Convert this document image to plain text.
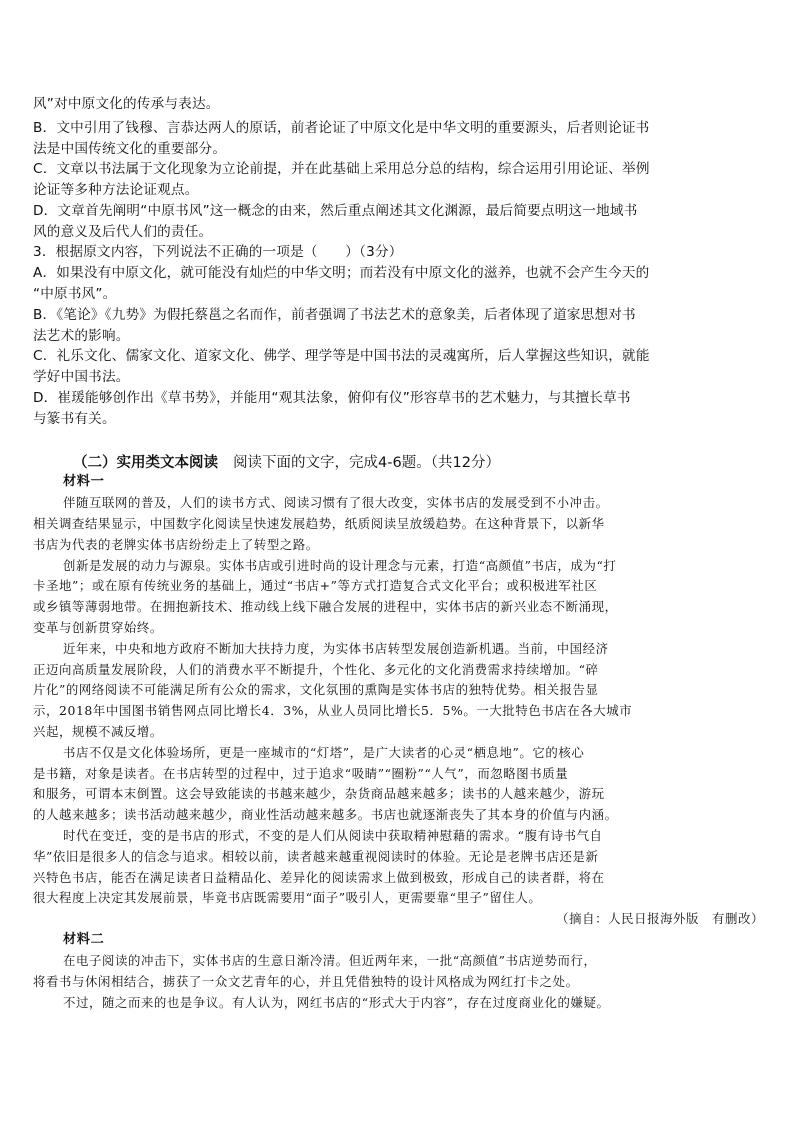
风”对中原文化的传承与表达。
B．文中引用了钱穆、言恭达两人的原话，前者论证了中原文化是中华文明的重要源头，后者则论证书
法是中国传统文化的重要部分。
C．文章以书法属于文化现象为立论前提，并在此基础上采用总分总的结构，综合运用引用论证、举例
论证等多种方法论证观点。
D．文章首先阐明“中原书风”这一概念的由来，然后重点阐述其文化渊源，最后简要点明这一地域书
风的意义及后代人们的责任。
3．根据原文内容，下列说法不正确的一项是（　　）（3分）
A．如果没有中原文化，就可能没有灿烂的中华文明；而若没有中原文化的滋养，也就不会产生今天的
“中原书风”。
B．《笔论》《九势》为假托蔡邕之名而作，前者强调了书法艺术的意象美，后者体现了道家思想对书
法艺术的影响。
C．礼乐文化、儒家文化、道家文化、佛学、理学等是中国书法的灵魂寓所，后人掌握这些知识，就能
学好中国书法。
D．崔瑗能够创作出《草书势》，并能用“观其法象，俯仰有仪”形容草书的艺术魅力，与其擅长草书
与篆书有关。
（二）实用类文本阅读 阅读下面的文字，完成4-6题。（共12分）
材料一
伴随互联网的普及，人们的读书方式、阅读习惯有了很大改变，实体书店的发展受到不小冲击。
相关调查结果显示，中国数字化阅读呈快速发展趋势，纸质阅读呈放缓趋势。在这种背景下，以新华
书店为代表的老牌实体书店纷纷走上了转型之路。
创新是发展的动力与源泉。实体书店或引进时尚的设计理念与元素，打造“高颜值”书店，成为“打
卡圣地”；或在原有传统业务的基础上，通过“书店+”等方式打造复合式文化平台；或积极进军社区
或乡镇等薄弱地带。在拥抱新技术、推动线上线下融合发展的进程中，实体书店的新兴业态不断涌现，
变革与创新贯穿始终。
近年来，中央和地方政府不断加大扶持力度，为实体书店转型发展创造新机遇。当前，中国经济
正迈向高质量发展阶段，人们的消费水平不断提升，个性化、多元化的文化消费需求持续增加。“碎
片化”的网络阅读不可能满足所有公众的需求，文化氛围的熏陶是实体书店的独特优势。相关报告显
示，2018年中国图书销售网点同比增长4．3%，从业人员同比增长5．5%。一大批特色书店在各大城市
兴起，规模不减反增。
书店不仅是文化体验场所，更是一座城市的“灯塔”，是广大读者的心灵“栖息地”。它的核心
是书籍，对象是读者。在书店转型的过程中，过于追求“吸睛”“圈粉”“人气”，而忽略图书质量
和服务，可谓本末倒置。这会导致能读的书越来越少，杂货商品越来越多；读书的人越来越少，游玩
的人越来越多；读书活动越来越少，商业性活动越来越多。书店也就逐渐丧失了其本身的价值与内涵。
时代在变迁，变的是书店的形式，不变的是人们从阅读中获取精神慰藉的需求。“腹有诗书气自
华”依旧是很多人的信念与追求。相较以前，读者越来越重视阅读时的体验。无论是老牌书店还是新
兴特色书店，能否在满足读者日益精品化、差异化的阅读需求上做到极致，形成自己的读者群，将在
很大程度上决定其发展前景，毕竟书店既需要用“面子”吸引人，更需要靠“里子”留住人。
（摘自：人民日报海外版　有删改）
材料二
在电子阅读的冲击下，实体书店的生意日渐冷清。但近两年来，一批“高颜值”书店逆势而行，
将看书与休闲相结合，掳获了一众文艺青年的心，并且凭借独特的设计风格成为网红打卡之处。
不过，随之而来的也是争议。有人认为，网红书店的“形式大于内容”，存在过度商业化的嫌疑。
